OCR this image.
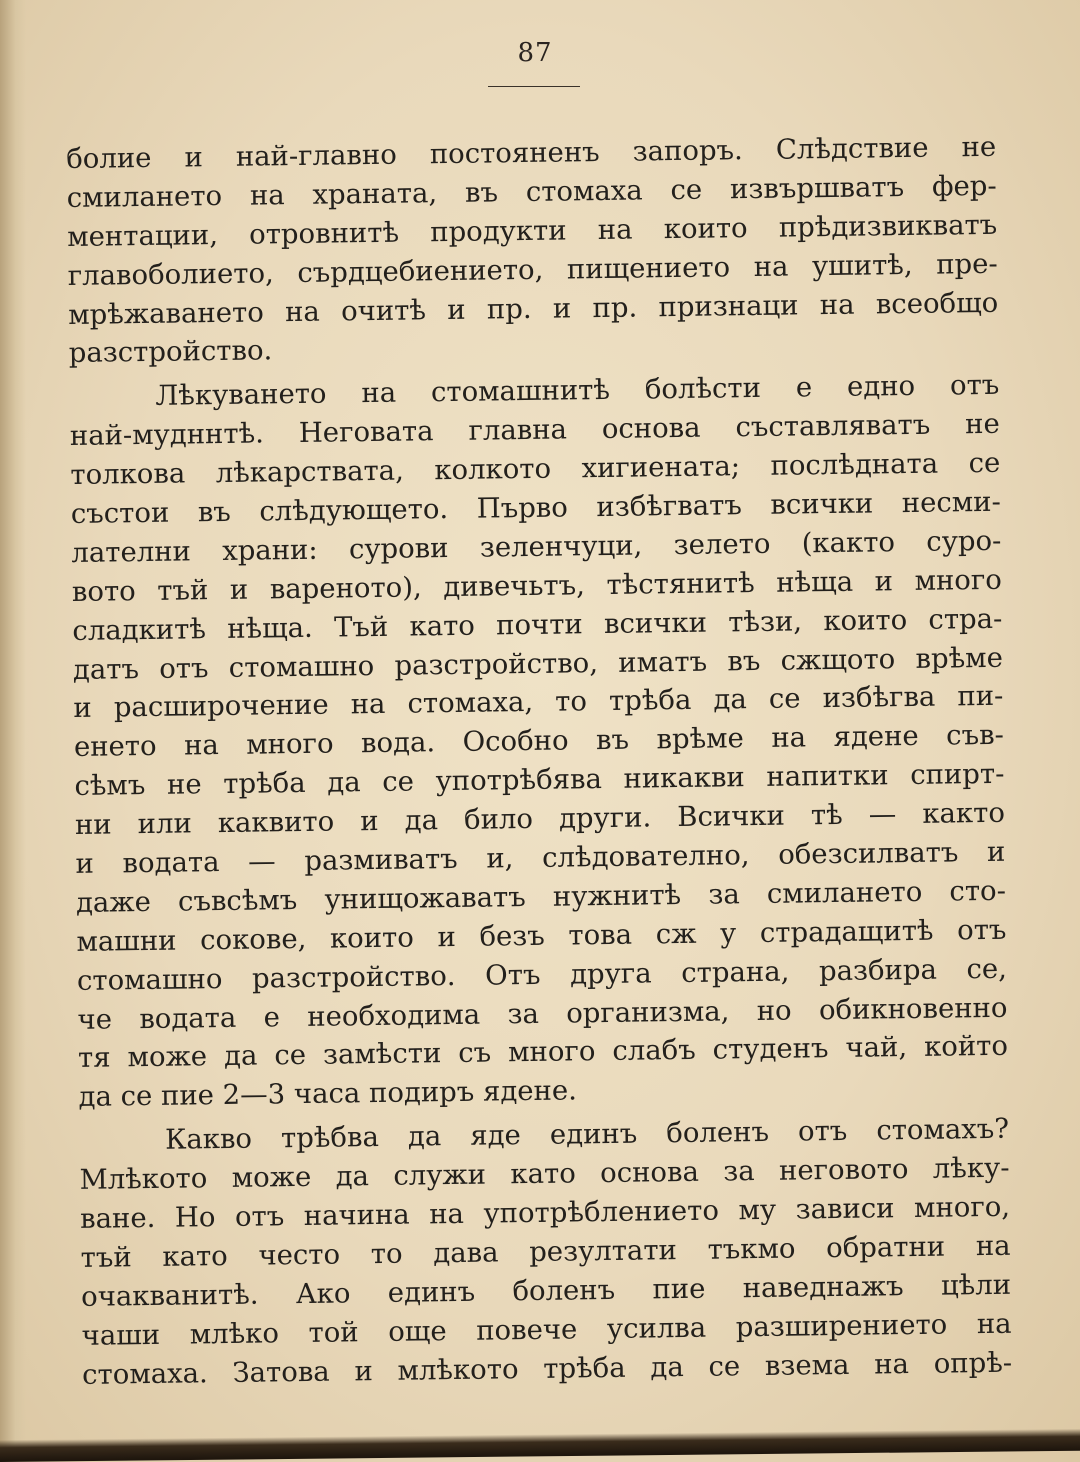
87
болие и най-главно постояненъ запоръ. Слѣдствие не
смилането на храната, въ стомаха се извършватъ фер-
ментации, отровнитѣ продукти на които прѣдизвикватъ
главоболието, сърдцебиението, пищението на ушитѣ, пре-
мрѣжаването на очитѣ и пр. и пр. признаци на всеобщо
разстройство.
Лѣкуването на стомашнитѣ болѣсти е едно отъ
най-мудннтѣ. Неговата главна основа съставляватъ не
толкова лѣкарствата, колкото хигиената; послѣдната се
състои въ слѣдующето. Първо избѣгватъ всички несми-
лателни храни: сурови зеленчуци, зелето (както суро-
вото тъй и вареното), дивечьтъ, тѣстянитѣ нѣща и много
сладкитѣ нѣща. Тъй като почти всички тѣзи, които стра-
датъ отъ стомашно разстройство, иматъ въ сжщото врѣме
и расширочение на стомаха, то трѣба да се избѣгва пи-
енето на много вода. Особно въ врѣме на ядене съв-
сѣмъ не трѣба да се употрѣбява никакви напитки спирт-
ни или каквито и да било други. Всички тѣ — както
и водата — размиватъ и, слѣдователно, обезсилватъ и
даже съвсѣмъ унищожаватъ нужнитѣ за смилането сто-
машни сокове, които и безъ това сж у страдащитѣ отъ
стомашно разстройство. Отъ друга страна, разбира се,
че водата е необходима за организма, но обикновенно
тя може да се замѣсти съ много слабъ студенъ чай, който
да се пие 2—3 часа подиръ ядене.
Какво трѣбва да яде единъ боленъ отъ стомахъ?
Млѣкото може да служи като основа за неговото лѣку-
ване. Но отъ начина на употрѣблението му зависи много,
тъй като често то дава резултати тъкмо обратни на
очакванитѣ. Ако единъ боленъ пие наведнажъ цѣли
чаши млѣко той още повече усилва разширението на
стомаха. Затова и млѣкото трѣба да се взема на опрѣ-
